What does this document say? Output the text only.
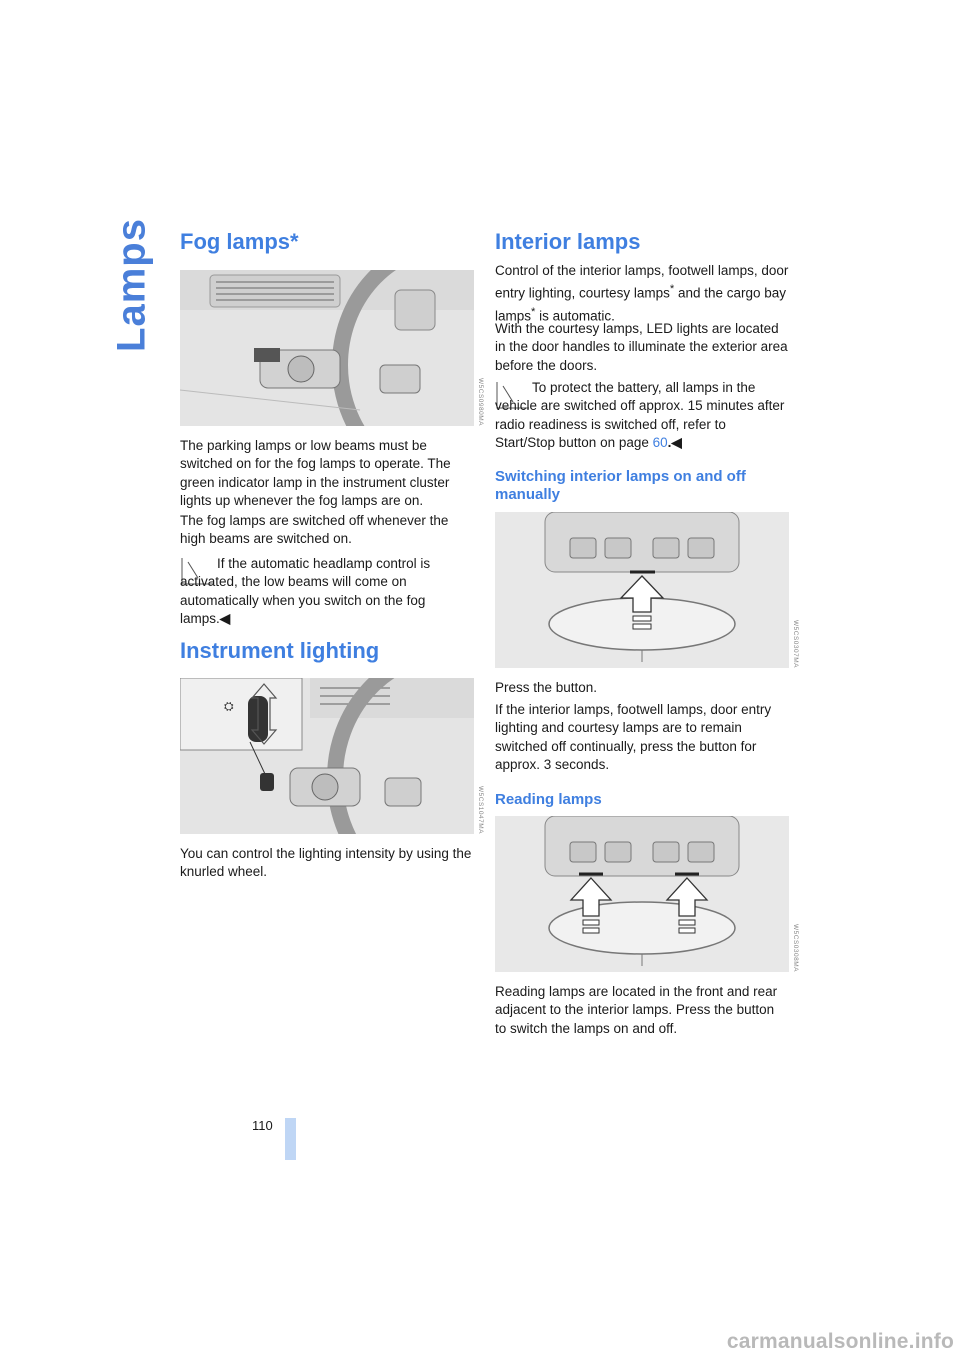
Lamps Fog lamps*
W5CS0980MA

The parking lamps or low beams must be switched on for the fog lamps to operate. The green indicator lamp in the instrument cluster lights up whenever the fog lamps are on.

The fog lamps are switched off whenever the high beams are switched on.

If the automatic headlamp control is activated, the low beams will come on automatically when you switch on the fog lamps.◀

Instrument lighting
⛭
W5CS1047MA

You can control the lighting intensity by using the knurled wheel.

Interior lamps

Control of the interior lamps, footwell lamps, door entry lighting, courtesy lamps* and the cargo bay lamps* is automatic.

With the courtesy lamps, LED lights are located in the door handles to illuminate the exterior area before the doors.

To protect the battery, all lamps in the vehicle are switched off approx. 15 minutes after radio readiness is switched off, refer to Start/Stop button on page 60.◀

Switching interior lamps on and off manually
W5CS0307MA

Press the button.

If the interior lamps, footwell lamps, door entry lighting and courtesy lamps are to remain switched off continually, press the button for approx. 3 seconds.

Reading lamps
W5CS0308MA

Reading lamps are located in the front and rear adjacent to the interior lamps. Press the button to switch the lamps on and off.

110
carmanualsonline.info
